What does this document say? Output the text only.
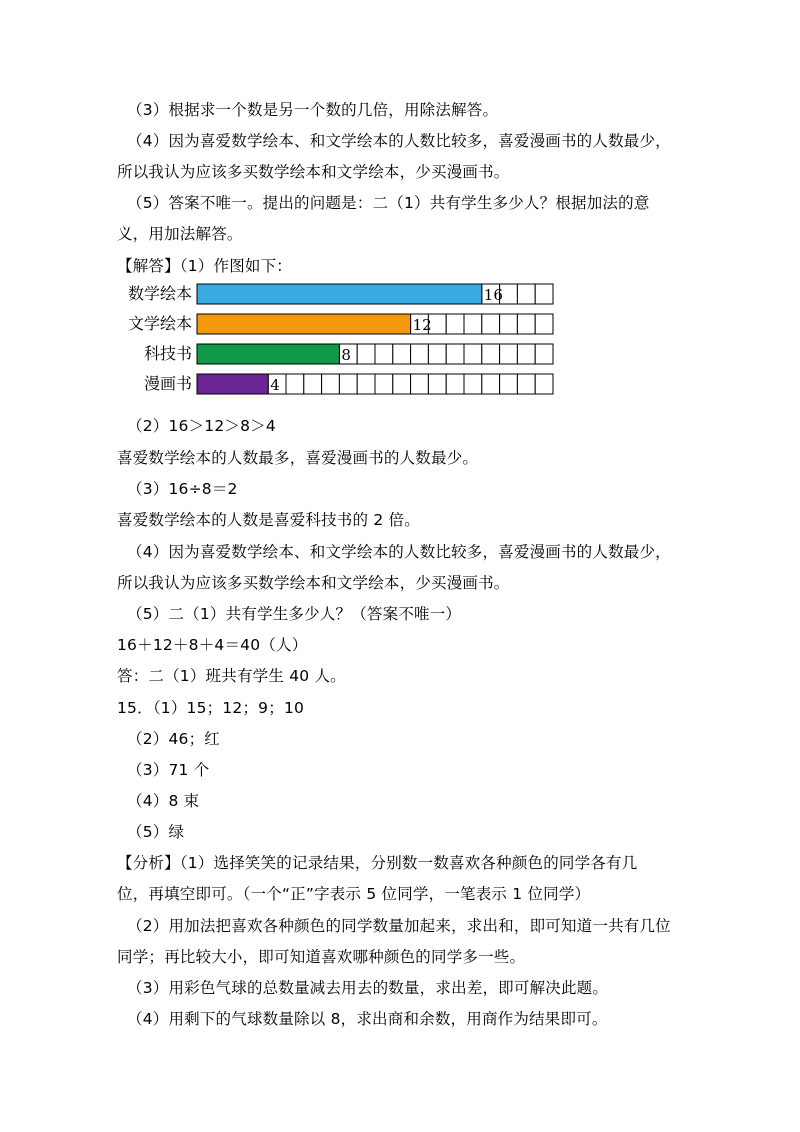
（3）根据求一个数是另一个数的几倍，用除法解答。
（4）因为喜爱数学绘本、和文学绘本的人数比较多，喜爱漫画书的人数最少，
所以我认为应该多买数学绘本和文学绘本，少买漫画书。
（5）答案不唯一。提出的问题是：二（1）共有学生多少人？根据加法的意
义，用加法解答。
【解答】（1）作图如下：
数学绘本	16
文学绘本	12
科技书	8
漫画书	4
（2）16＞12＞8＞4
喜爱数学绘本的人数最多，喜爱漫画书的人数最少。
（3）16÷8＝2
喜爱数学绘本的人数是喜爱科技书的 2 倍。
（4）因为喜爱数学绘本、和文学绘本的人数比较多，喜爱漫画书的人数最少，
所以我认为应该多买数学绘本和文学绘本，少买漫画书。
（5）二（1）共有学生多少人？（答案不唯一）
16＋12＋8＋4＝40（人）
答：二（1）班共有学生 40 人。
15．（1）15；12；9；10
（2）46；红
（3）71 个
（4）8 束
（5）绿
【分析】（1）选择笑笑的记录结果，分别数一数喜欢各种颜色的同学各有几
位，再填空即可。（一个“正”字表示 5 位同学，一笔表示 1 位同学）
（2）用加法把喜欢各种颜色的同学数量加起来，求出和，即可知道一共有几位
同学；再比较大小，即可知道喜欢哪种颜色的同学多一些。
（3）用彩色气球的总数量减去用去的数量，求出差，即可解决此题。
（4）用剩下的气球数量除以 8，求出商和余数，用商作为结果即可。
